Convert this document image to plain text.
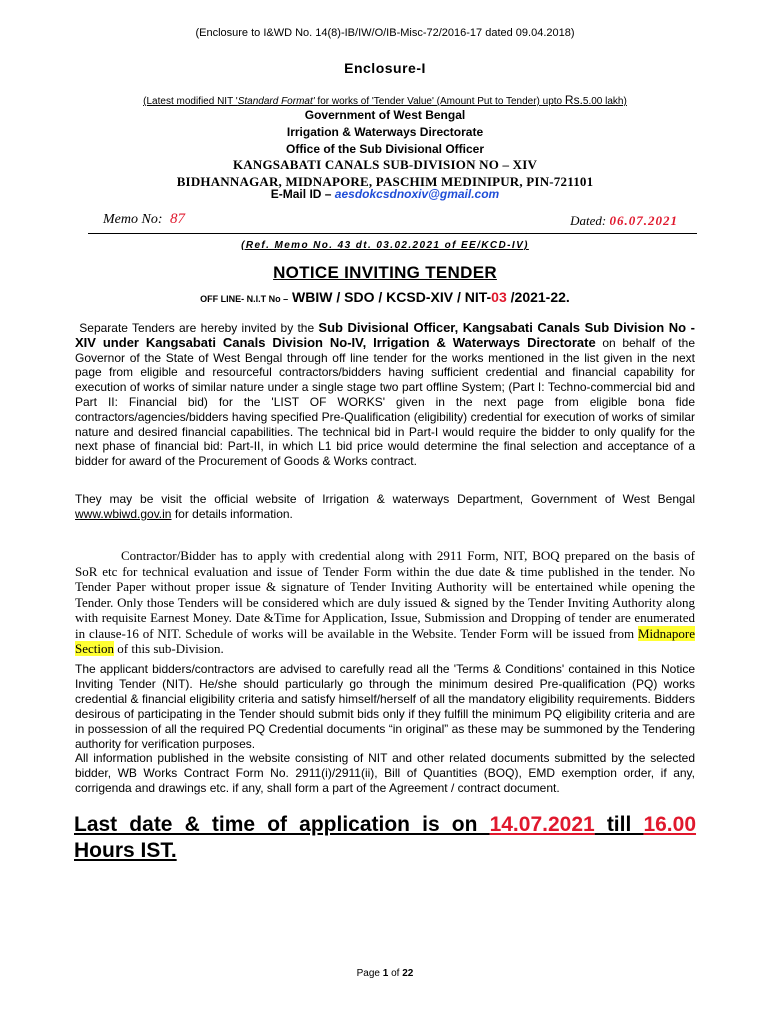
(Enclosure to I&WD No. 14(8)-IB/IW/O/IB-Misc-72/2016-17 dated 09.04.2018)
Enclosure-I
(Latest modified NIT 'Standard Format' for works of 'Tender Value' (Amount Put to Tender) upto Rs.5.00 lakh)
Government of West Bengal
Irrigation & Waterways Directorate
Office of the Sub Divisional Officer
KANGSABATI CANALS SUB-DIVISION NO – XIV
BIDHANNAGAR, MIDNAPORE, PASCHIM MEDINIPUR, PIN-721101
E-Mail ID – aesdokcsdnoxiv@gmail.com
Memo No: 87	Dated: 06.07.2021
(Ref. Memo No. 43 dt. 03.02.2021 of EE/KCD-IV)
NOTICE INVITING TENDER
OFF LINE- N.I.T No – WBIW / SDO / KCSD-XIV / NIT-03 /2021-22.
Separate Tenders are hereby invited by the Sub Divisional Officer, Kangsabati Canals Sub Division No -XIV under Kangsabati Canals Division No-IV, Irrigation & Waterways Directorate on behalf of the Governor of the State of West Bengal through off line tender for the works mentioned in the list given in the next page from eligible and resourceful contractors/bidders having sufficient credential and financial capability for execution of works of similar nature under a single stage two part offline System; (Part I: Techno-commercial bid and Part II: Financial bid) for the 'LIST OF WORKS' given in the next page from eligible bona fide contractors/agencies/bidders having specified Pre-Qualification (eligibility) credential for execution of works of similar nature and desired financial capabilities. The technical bid in Part-I would require the bidder to only qualify for the next phase of financial bid: Part-II, in which L1 bid price would determine the final selection and acceptance of a bidder for award of the Procurement of Goods & Works contract.
They may be visit the official website of Irrigation & waterways Department, Government of West Bengal www.wbiwd.gov.in for details information.
Contractor/Bidder has to apply with credential along with 2911 Form, NIT, BOQ prepared on the basis of SoR etc for technical evaluation and issue of Tender Form within the due date & time published in the tender. No Tender Paper without proper issue & signature of Tender Inviting Authority will be entertained while opening the Tender. Only those Tenders will be considered which are duly issued & signed by the Tender Inviting Authority along with requisite Earnest Money. Date &Time for Application, Issue, Submission and Dropping of tender are enumerated in clause-16 of NIT. Schedule of works will be available in the Website. Tender Form will be issued from Midnapore Section of this sub-Division.
The applicant bidders/contractors are advised to carefully read all the 'Terms & Conditions' contained in this Notice Inviting Tender (NIT). He/she should particularly go through the minimum desired Pre-qualification (PQ) works credential & financial eligibility criteria and satisfy himself/herself of all the mandatory eligibility requirements. Bidders desirous of participating in the Tender should submit bids only if they fulfill the minimum PQ eligibility criteria and are in possession of all the required PQ Credential documents “in original” as these may be summoned by the Tendering authority for verification purposes.
All information published in the website consisting of NIT and other related documents submitted by the selected bidder, WB Works Contract Form No. 2911(i)/2911(ii), Bill of Quantities (BOQ), EMD exemption order, if any, corrigenda and drawings etc. if any, shall form a part of the Agreement / contract document.
Last date & time of application is on 14.07.2021 till 16.00 Hours IST.
Page 1 of 22
